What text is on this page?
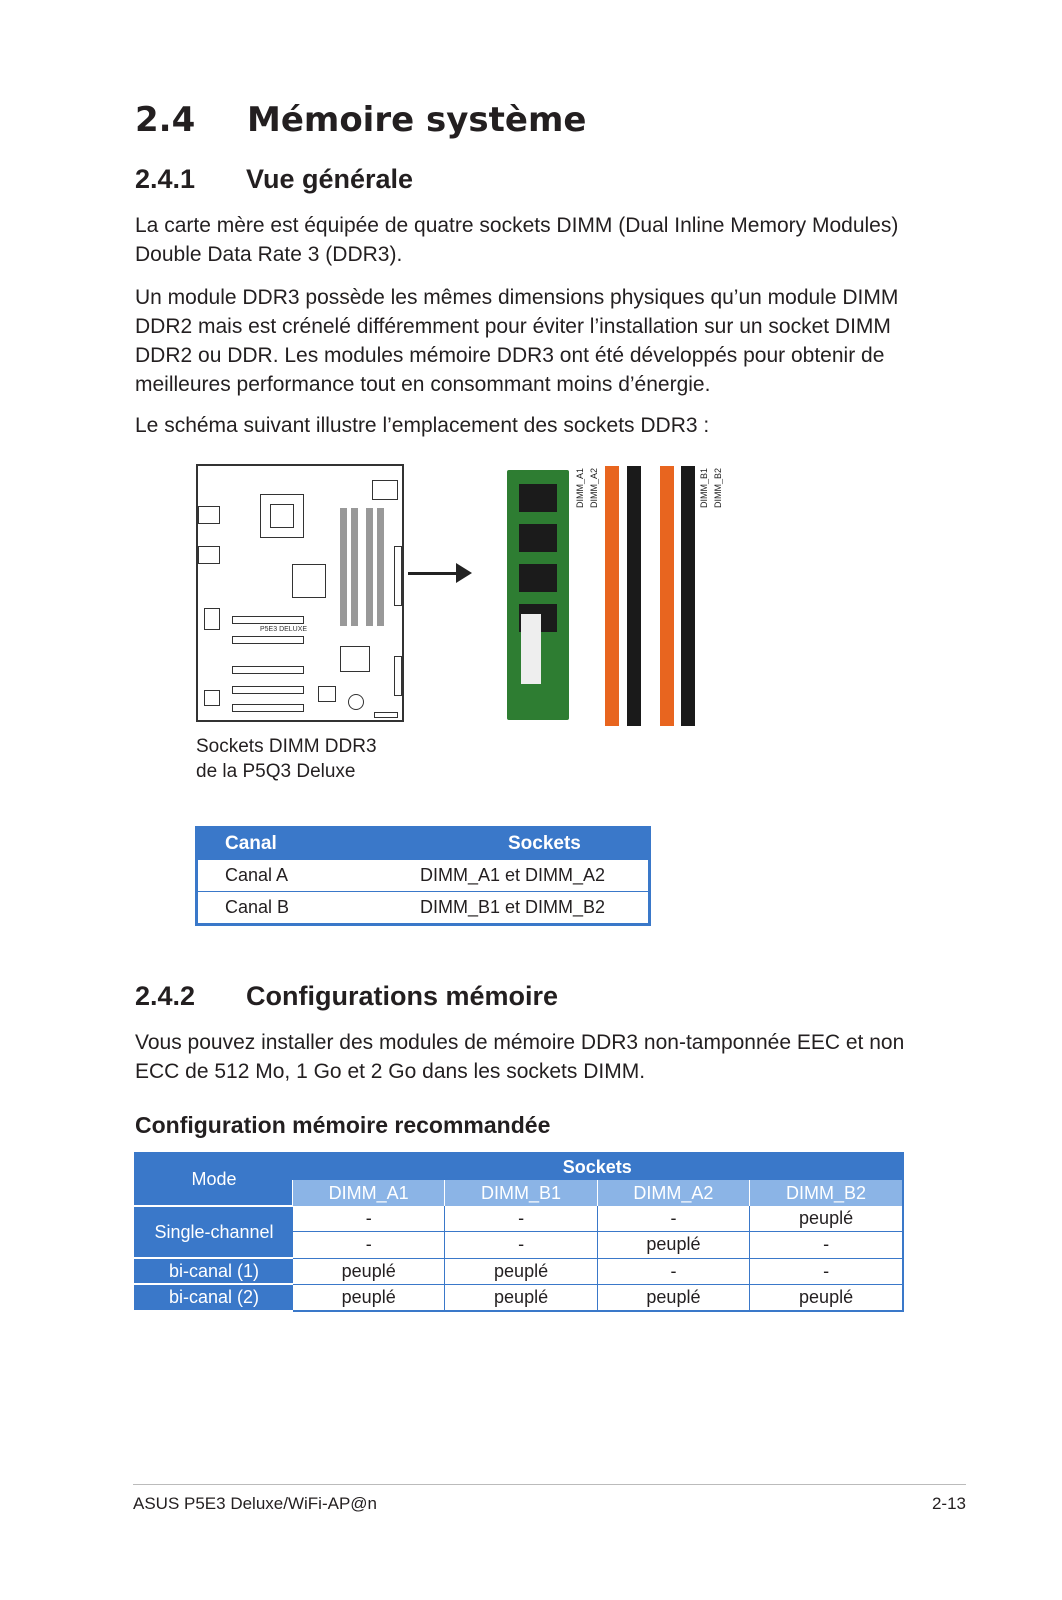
2.4 Mémoire système
2.4.1 Vue générale

La carte mère est équipée de quatre sockets DIMM (Dual Inline Memory Modules) Double Data Rate 3 (DDR3).

Un module DDR3 possède les mêmes dimensions physiques qu’un module DIMM DDR2 mais est crénelé différemment pour éviter l’installation sur un socket DIMM DDR2 ou DDR. Les modules mémoire DDR3 ont été développés pour obtenir de meilleures performance tout en consommant moins d’énergie.

Le schéma suivant illustre l’emplacement des sockets DDR3 :

P5E3 DELUXE
DIMM_A1 DIMM_A2	DIMM_B1 DIMM_B2
Sockets DIMM DDR3
de la P5Q3 Deluxe
Canal	Sockets
Canal A	DIMM_A1 et DIMM_A2
Canal B	DIMM_B1 et DIMM_B2
2.4.2 Configurations mémoire

Vous pouvez installer des modules de mémoire DDR3 non-tamponnée EEC et non ECC de 512 Mo, 1 Go et 2 Go dans les sockets DIMM.

Configuration mémoire recommandée
Mode	Sockets			
	DIMM_A1	DIMM_B1	DIMM_A2	DIMM_B2
Single-channel	-	-	-	peuplé
	-	-	peuplé	-
bi-canal (1)	peuplé	peuplé	-	-
bi-canal (2)	peuplé	peuplé	peuplé	peuplé
ASUS P5E3 Deluxe/WiFi-AP@n	2-13
